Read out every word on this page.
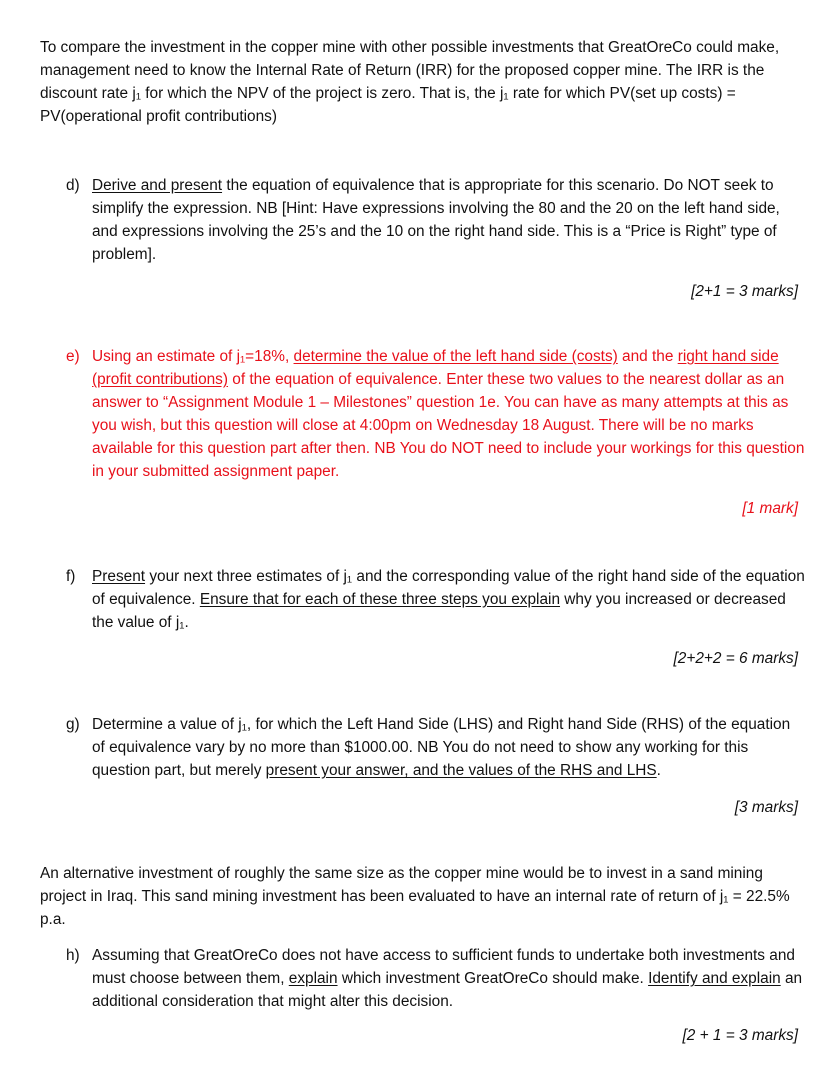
To compare the investment in the copper mine with other possible investments that GreatOreCo could make, management need to know the Internal Rate of Return (IRR) for the proposed copper mine. The IRR is the discount rate j₁ for which the NPV of the project is zero. That is, the j₁ rate for which PV(set up costs) = PV(operational profit contributions)

d) Derive and present the equation of equivalence that is appropriate for this scenario. Do NOT seek to simplify the expression. NB [Hint: Have expressions involving the 80 and the 20 on the left hand side, and expressions involving the 25’s and the 10 on the right hand side. This is a “Price is Right” type of problem].
[2+1 = 3 marks]
e) Using an estimate of j₁=18%, determine the value of the left hand side (costs) and the right hand side (profit contributions) of the equation of equivalence. Enter these two values to the nearest dollar as an answer to “Assignment Module 1 – Milestones” question 1e. You can have as many attempts at this as you wish, but this question will close at 4:00pm on Wednesday 18 August. There will be no marks available for this question part after then. NB You do NOT need to include your workings for this question in your submitted assignment paper.
[1 mark]
f) Present your next three estimates of j₁ and the corresponding value of the right hand side of the equation of equivalence. Ensure that for each of these three steps you explain why you increased or decreased the value of j₁.
[2+2+2 = 6 marks]
g) Determine a value of j₁, for which the Left Hand Side (LHS) and Right hand Side (RHS) of the equation of equivalence vary by no more than $1000.00. NB You do not need to show any working for this question part, but merely present your answer, and the values of the RHS and LHS.
[3 marks]

An alternative investment of roughly the same size as the copper mine would be to invest in a sand mining project in Iraq. This sand mining investment has been evaluated to have an internal rate of return of j₁ = 22.5% p.a.

h) Assuming that GreatOreCo does not have access to sufficient funds to undertake both investments and must choose between them, explain which investment GreatOreCo should make. Identify and explain an additional consideration that might alter this decision.
[2 + 1 = 3 marks]
